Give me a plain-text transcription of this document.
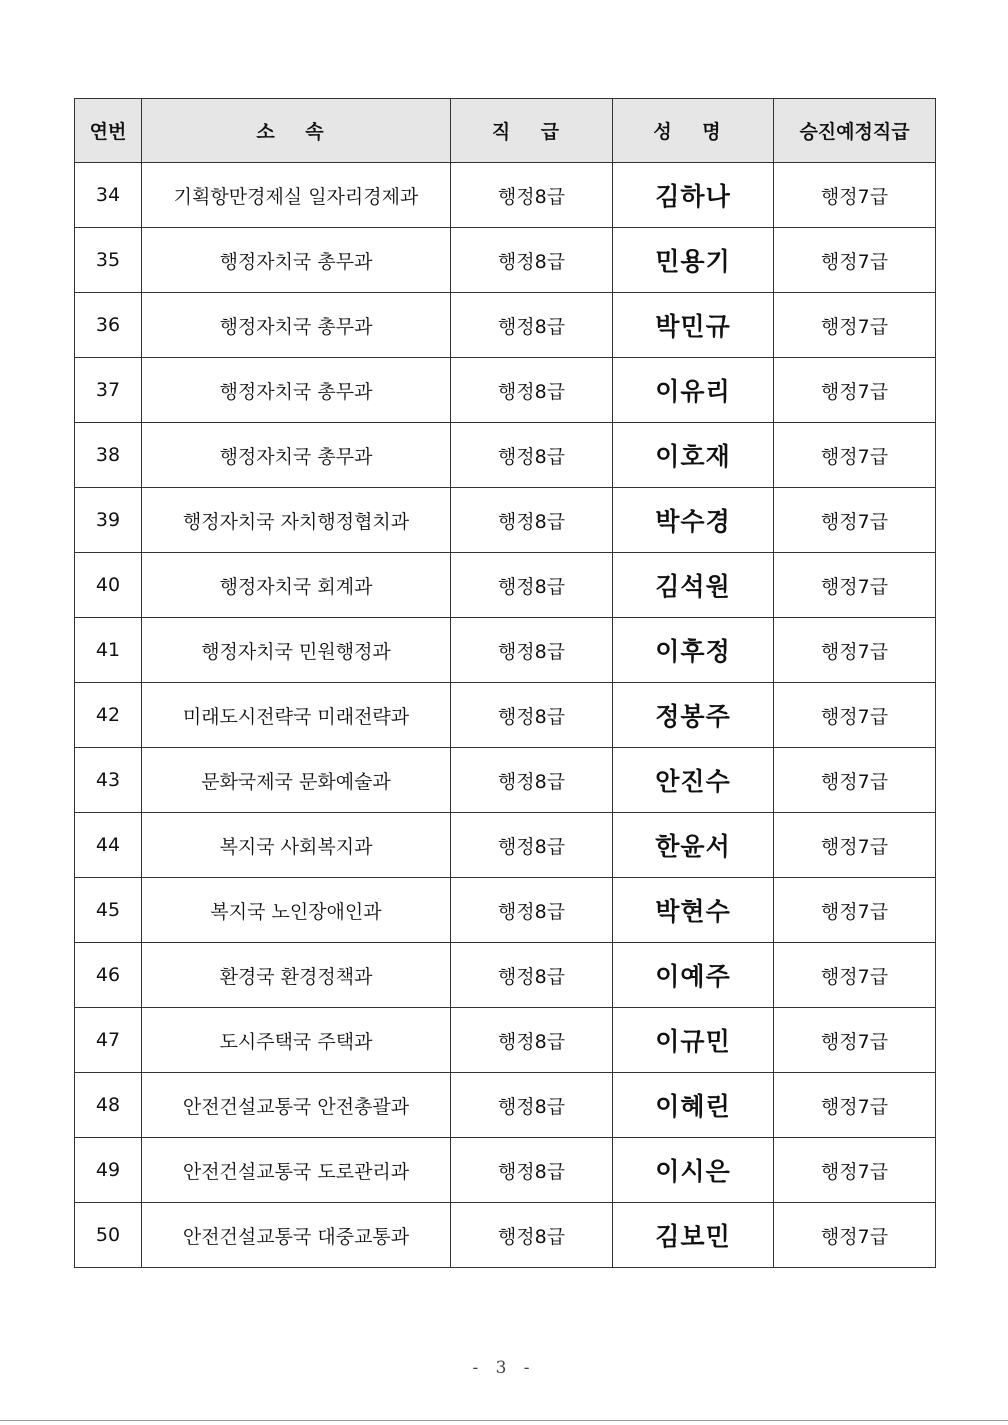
연번	소 속	직 급	성 명	승진예정직급
34	기획항만경제실 일자리경제과	행정8급	김하나	행정7급
35	행정자치국 총무과	행정8급	민용기	행정7급
36	행정자치국 총무과	행정8급	박민규	행정7급
37	행정자치국 총무과	행정8급	이유리	행정7급
38	행정자치국 총무과	행정8급	이호재	행정7급
39	행정자치국 자치행정협치과	행정8급	박수경	행정7급
40	행정자치국 회계과	행정8급	김석원	행정7급
41	행정자치국 민원행정과	행정8급	이후정	행정7급
42	미래도시전략국 미래전략과	행정8급	정봉주	행정7급
43	문화국제국 문화예술과	행정8급	안진수	행정7급
44	복지국 사회복지과	행정8급	한윤서	행정7급
45	복지국 노인장애인과	행정8급	박현수	행정7급
46	환경국 환경정책과	행정8급	이예주	행정7급
47	도시주택국 주택과	행정8급	이규민	행정7급
48	안전건설교통국 안전총괄과	행정8급	이혜린	행정7급
49	안전건설교통국 도로관리과	행정8급	이시은	행정7급
50	안전건설교통국 대중교통과	행정8급	김보민	행정7급
- 3 -
